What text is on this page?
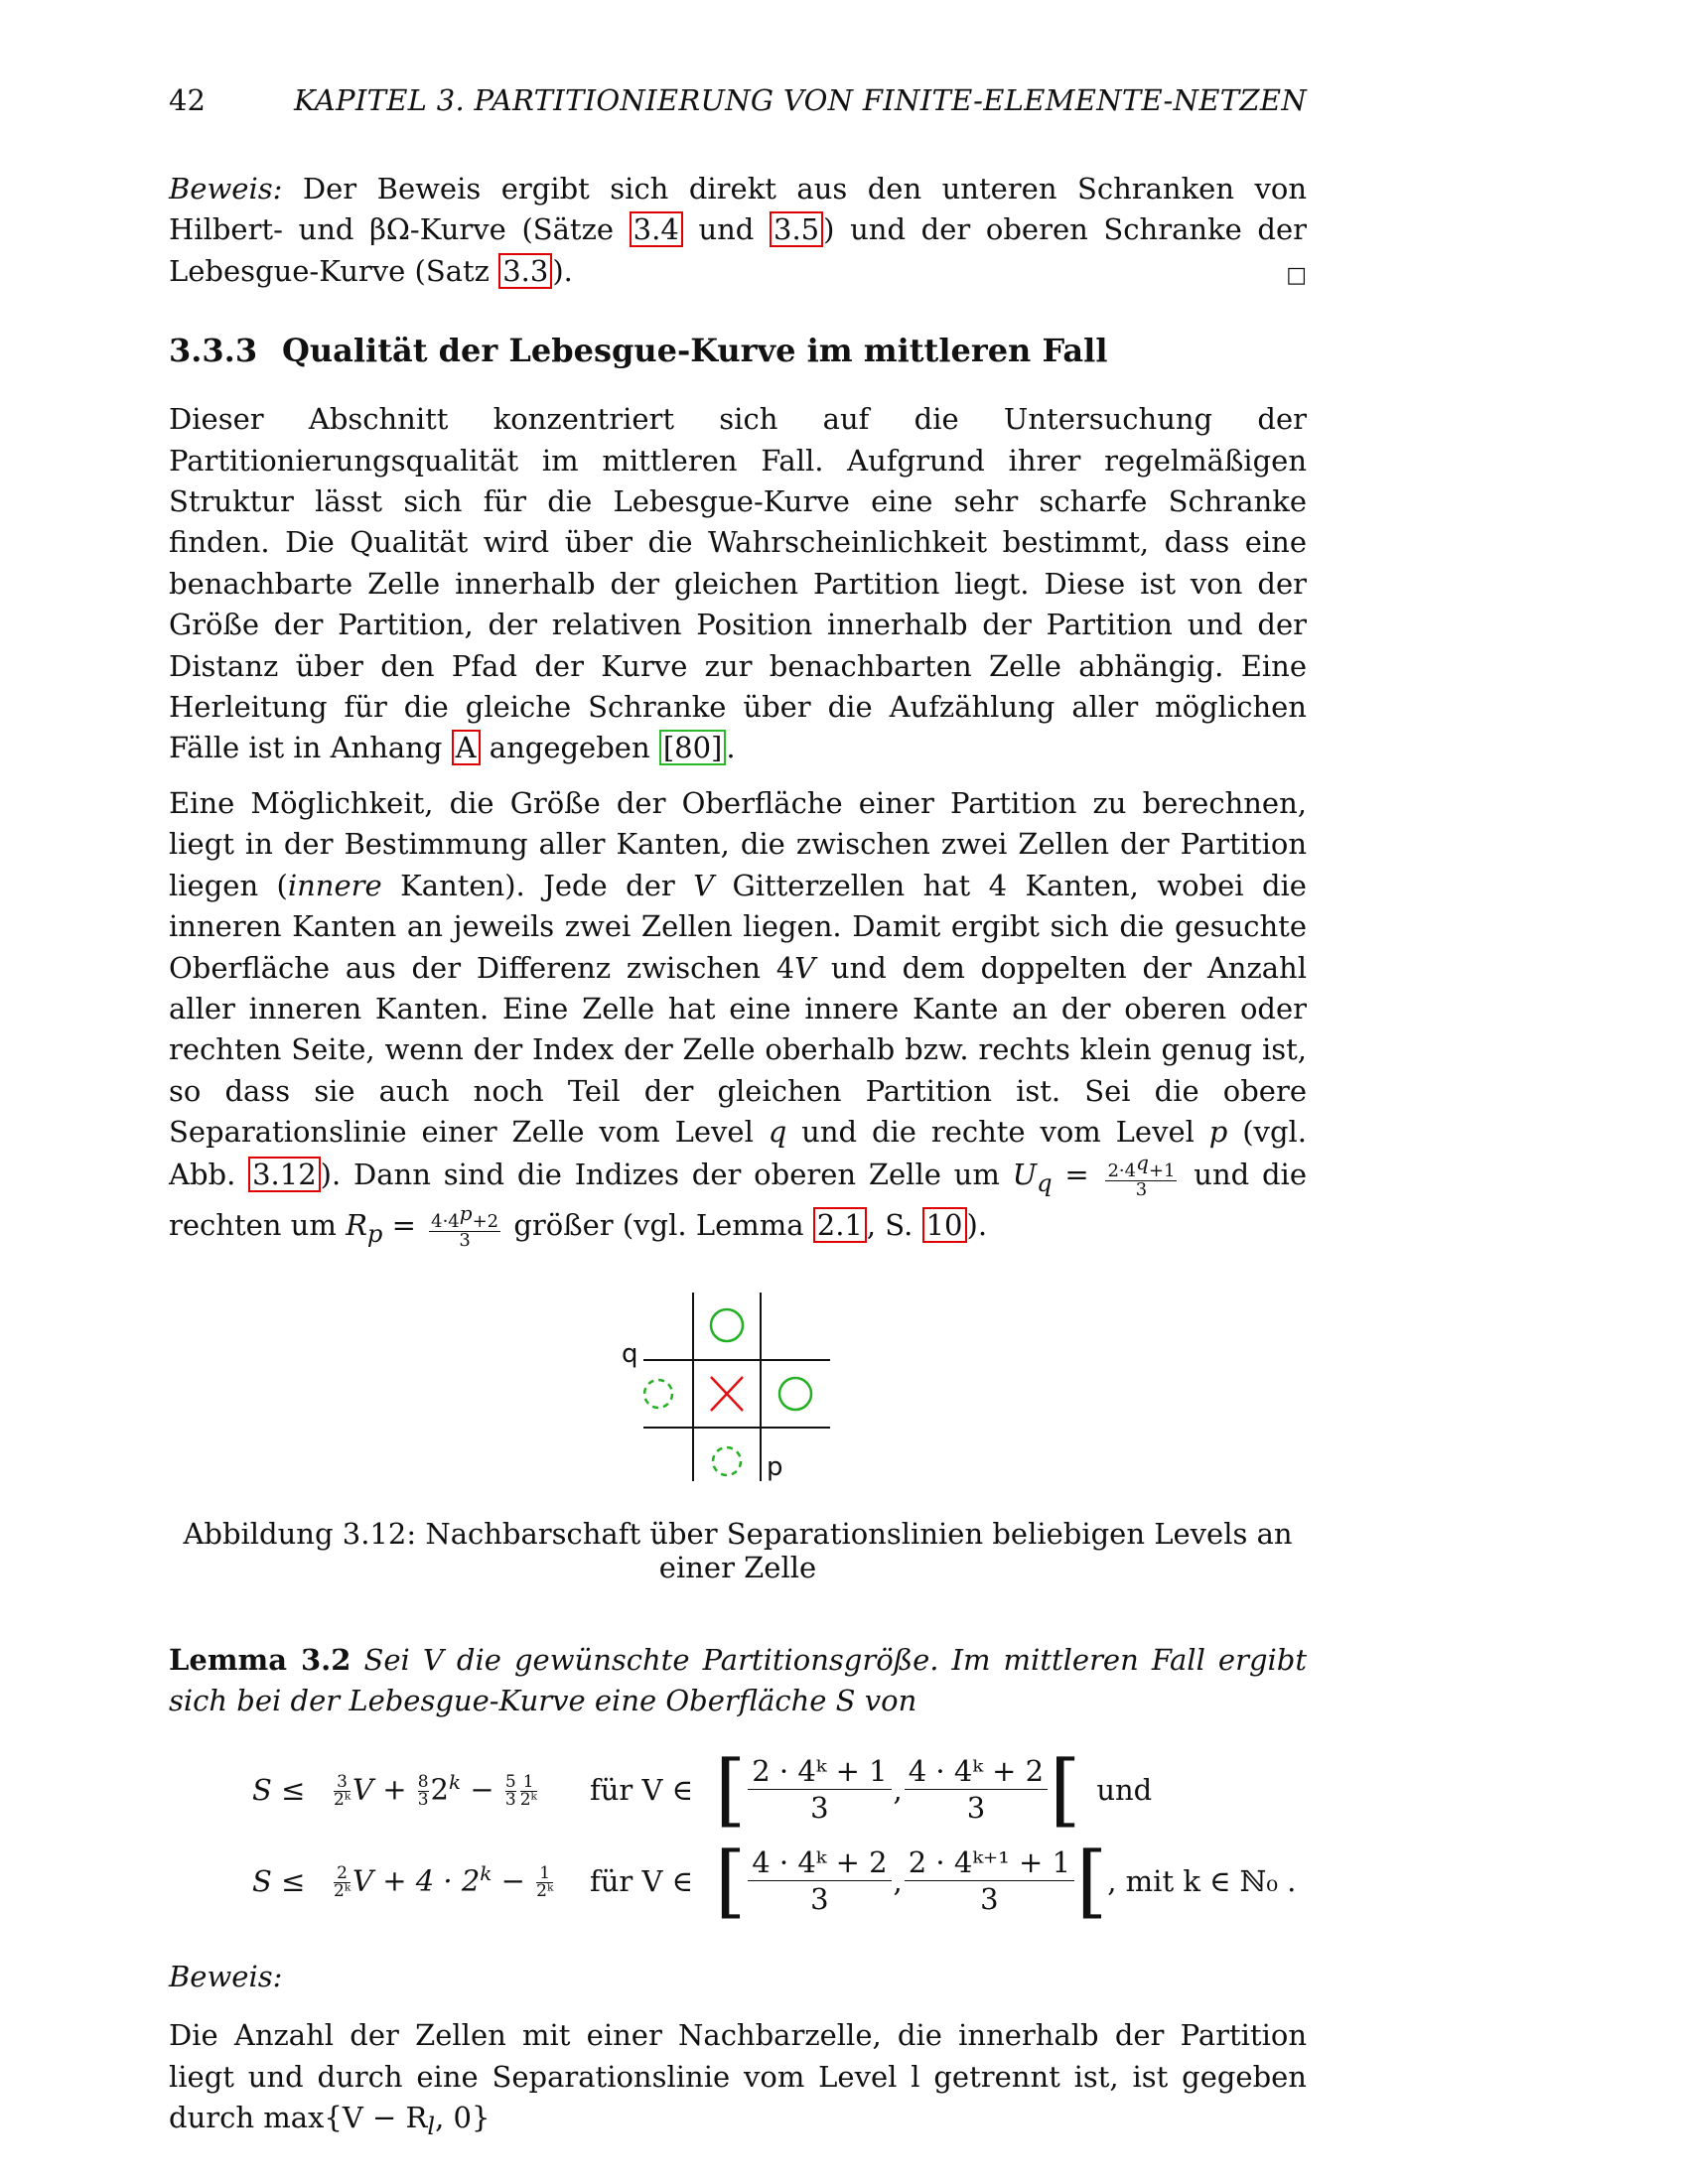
42	KAPITEL 3. PARTITIONIERUNG VON FINITE-ELEMENTE-NETZEN

Beweis: Der Beweis ergibt sich direkt aus den unteren Schranken von Hilbert- und βΩ-Kurve (Sätze 3.4 und 3.5 ) und der oberen Schranke der Lebesgue-Kurve (Satz 3.3 ).	□

3.3.3 Qualität der Lebesgue-Kurve im mittleren Fall

Dieser Abschnitt konzentriert sich auf die Untersuchung der Partitionierungsqualität im mittleren Fall. Aufgrund ihrer regelmäßigen Struktur lässt sich für die Lebesgue-Kurve eine sehr scharfe Schranke finden. Die Qualität wird über die Wahrscheinlichkeit bestimmt, dass eine benachbarte Zelle innerhalb der gleichen Partition liegt. Diese ist von der Größe der Partition, der relativen Position innerhalb der Partition und der Distanz über den Pfad der Kurve zur benachbarten Zelle abhängig. Eine Herleitung für die gleiche Schranke über die Aufzählung aller möglichen Fälle ist in Anhang A angegeben [80] .

Eine Möglichkeit, die Größe der Oberfläche einer Partition zu berechnen, liegt in der Bestimmung aller Kanten, die zwischen zwei Zellen der Partition liegen (innere Kanten). Jede der V Gitterzellen hat 4 Kanten, wobei die inneren Kanten an jeweils zwei Zellen liegen. Damit ergibt sich die gesuchte Oberfläche aus der Differenz zwischen 4V und dem doppelten der Anzahl aller inneren Kanten. Eine Zelle hat eine innere Kante an der oberen oder rechten Seite, wenn der Index der Zelle oberhalb bzw. rechts klein genug ist, so dass sie auch noch Teil der gleichen Partition ist. Sei die obere Separationslinie einer Zelle vom Level q und die rechte vom Level p (vgl. Abb. 3.12 ). Dann sind die Indizes der oberen Zelle um $U_q = \frac{2\cdot 4^q+1}{3}$ und die rechten um $R_p = \frac{4\cdot 4^p+2}{3}$ größer (vgl. Lemma 2.1 , S. 10 ).

q
p
Abbildung 3.12: Nachbarschaft über Separationslinien beliebigen Levels an einer Zelle

Lemma 3.2 Sei V die gewünschte Partitionsgröße. Im mittleren Fall ergibt sich bei der Lebesgue-Kurve eine Oberfläche S von

S ≤	$\frac{3}{\text{2ᵏ}}$ $V + \frac{8}{3} 2^k - \frac{5}{3} \frac{1}{\text{2ᵏ}}$ für V ∈ [ $\frac{\text{2 · 4ᵏ + 1}}{3}$ , $\frac{\text{4 · 4ᵏ + 2}}{3}$ [ und
S ≤	$\frac{2}{\text{2ᵏ}}$ $V + 4 \cdot 2^k - \frac{1}{\text{2ᵏ}}$ für V ∈ [ $\frac{\text{4 · 4ᵏ + 2}}{3}$ , $\frac{\text{2 · 4ᵏ⁺¹ + 1}}{3}$ [ , mit k ∈ ℕ₀ .

Beweis:

Die Anzahl der Zellen mit einer Nachbarzelle, die innerhalb der Partition liegt und durch eine Separationslinie vom Level l getrennt ist, ist gegeben durch $\max\{V - R_l$, 0}
